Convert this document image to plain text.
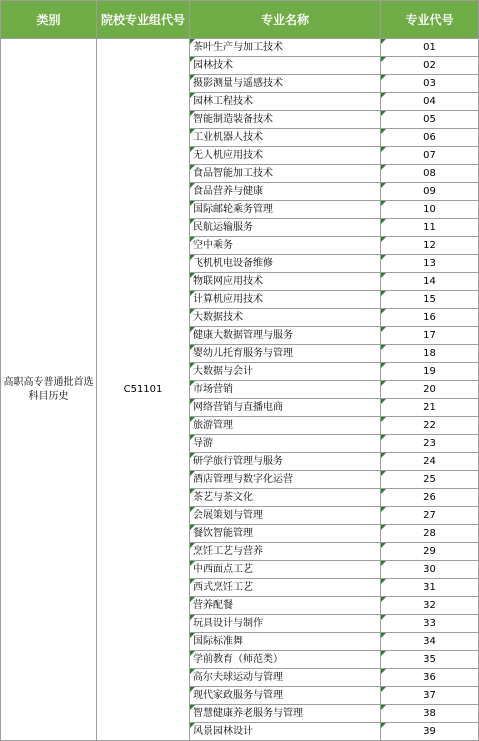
类别	院校专业组代号	专业名称	专业代号
高职高专普通批首选科目历史	C51101	茶叶生产与加工技术	01
		园林技术	02
		摄影测量与遥感技术	03
		园林工程技术	04
		智能制造装备技术	05
		工业机器人技术	06
		无人机应用技术	07
		食品智能加工技术	08
		食品营养与健康	09
		国际邮轮乘务管理	10
		民航运输服务	11
		空中乘务	12
		飞机机电设备维修	13
		物联网应用技术	14
		计算机应用技术	15
		大数据技术	16
		健康大数据管理与服务	17
		婴幼儿托育服务与管理	18
		大数据与会计	19
		市场营销	20
		网络营销与直播电商	21
		旅游管理	22
		导游	23
		研学旅行管理与服务	24
		酒店管理与数字化运营	25
		茶艺与茶文化	26
		会展策划与管理	27
		餐饮智能管理	28
		烹饪工艺与营养	29
		中西面点工艺	30
		西式烹饪工艺	31
		营养配餐	32
		玩具设计与制作	33
		国际标准舞	34
		学前教育（师范类）	35
		高尔夫球运动与管理	36
		现代家政服务与管理	37
		智慧健康养老服务与管理	38
		风景园林设计	39
